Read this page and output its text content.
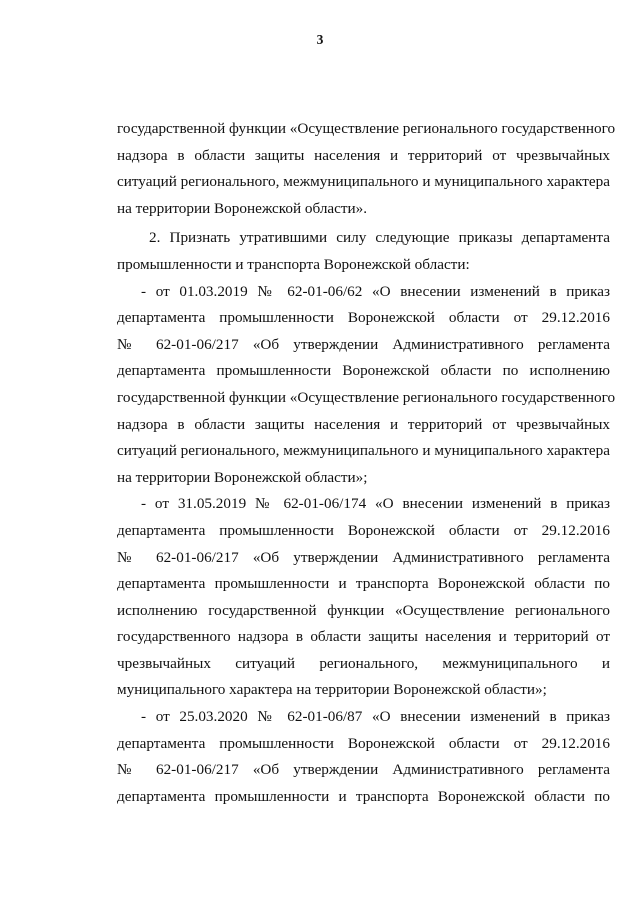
3
государственной функции «Осуществление регионального государственного
надзора в области защиты населения и территорий от чрезвычайных
ситуаций регионального, межмуниципального и муниципального характера
на территории Воронежской области».
2. Признать утратившими силу следующие приказы департамента
промышленности и транспорта Воронежской области:
- от 01.03.2019 № 62-01-06/62 «О внесении изменений в приказ
департамента промышленности Воронежской области от 29.12.2016
№ 62-01-06/217 «Об утверждении Административного регламента
департамента промышленности Воронежской области по исполнению
государственной функции «Осуществление регионального государственного
надзора в области защиты населения и территорий от чрезвычайных
ситуаций регионального, межмуниципального и муниципального характера
на территории Воронежской области»;
- от 31.05.2019 № 62-01-06/174 «О внесении изменений в приказ
департамента промышленности Воронежской области от 29.12.2016
№ 62-01-06/217 «Об утверждении Административного регламента
департамента промышленности и транспорта Воронежской области по
исполнению государственной функции «Осуществление регионального
государственного надзора в области защиты населения и территорий от
чрезвычайных ситуаций регионального, межмуниципального и
муниципального характера на территории Воронежской области»;
- от 25.03.2020 № 62-01-06/87 «О внесении изменений в приказ
департамента промышленности Воронежской области от 29.12.2016
№ 62-01-06/217 «Об утверждении Административного регламента
департамента промышленности и транспорта Воронежской области по
